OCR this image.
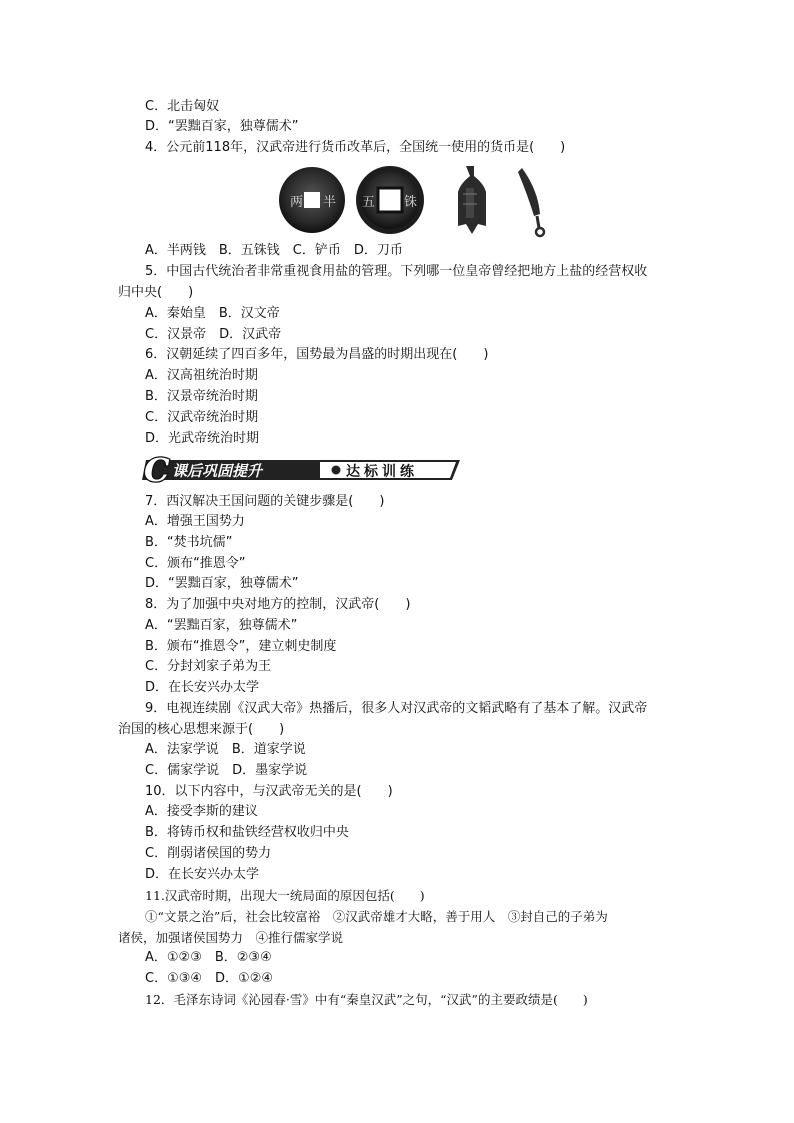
C．北击匈奴
D．“罢黜百家，独尊儒术”
4．公元前118年，汉武帝进行货币改革后，全国统一使用的货币是(　　)
两 半 五 铢
A．半两钱　B．五铢钱　C．铲币　D．刀币
5．中国古代统治者非常重视食用盐的管理。下列哪一位皇帝曾经把地方上盐的经营权收
归中央(　　)
A．秦始皇　B．汉文帝
C．汉景帝　D．汉武帝
6．汉朝延续了四百多年，国势最为昌盛的时期出现在(　　)
A．汉高祖统治时期
B．汉景帝统治时期
C．汉武帝统治时期
D．光武帝统治时期
C 课后巩固提升	达标训练
7．西汉解决王国问题的关键步骤是(　　)
A．增强王国势力
B．“焚书坑儒”
C．颁布“推恩令”
D．“罢黜百家，独尊儒术”
8．为了加强中央对地方的控制，汉武帝(　　)
A．“罢黜百家，独尊儒术”
B．颁布“推恩令”，建立刺史制度
C．分封刘家子弟为王
D．在长安兴办太学
9．电视连续剧《汉武大帝》热播后，很多人对汉武帝的文韬武略有了基本了解。汉武帝
治国的核心思想来源于(　　)
A．法家学说　B．道家学说
C．儒家学说　D．墨家学说
10．以下内容中，与汉武帝无关的是(　　)
A．接受李斯的建议
B．将铸币权和盐铁经营权收归中央
C．削弱诸侯国的势力
D．在长安兴办太学
11.汉武帝时期，出现大一统局面的原因包括(　　)
①“文景之治”后，社会比较富裕　②汉武帝雄才大略，善于用人　③封自己的子弟为
诸侯，加强诸侯国势力　④推行儒家学说
A．①②③　B．②③④
C．①③④　D．①②④
12．毛泽东诗词《沁园春·雪》中有“秦皇汉武”之句，“汉武”的主要政绩是(　　)
